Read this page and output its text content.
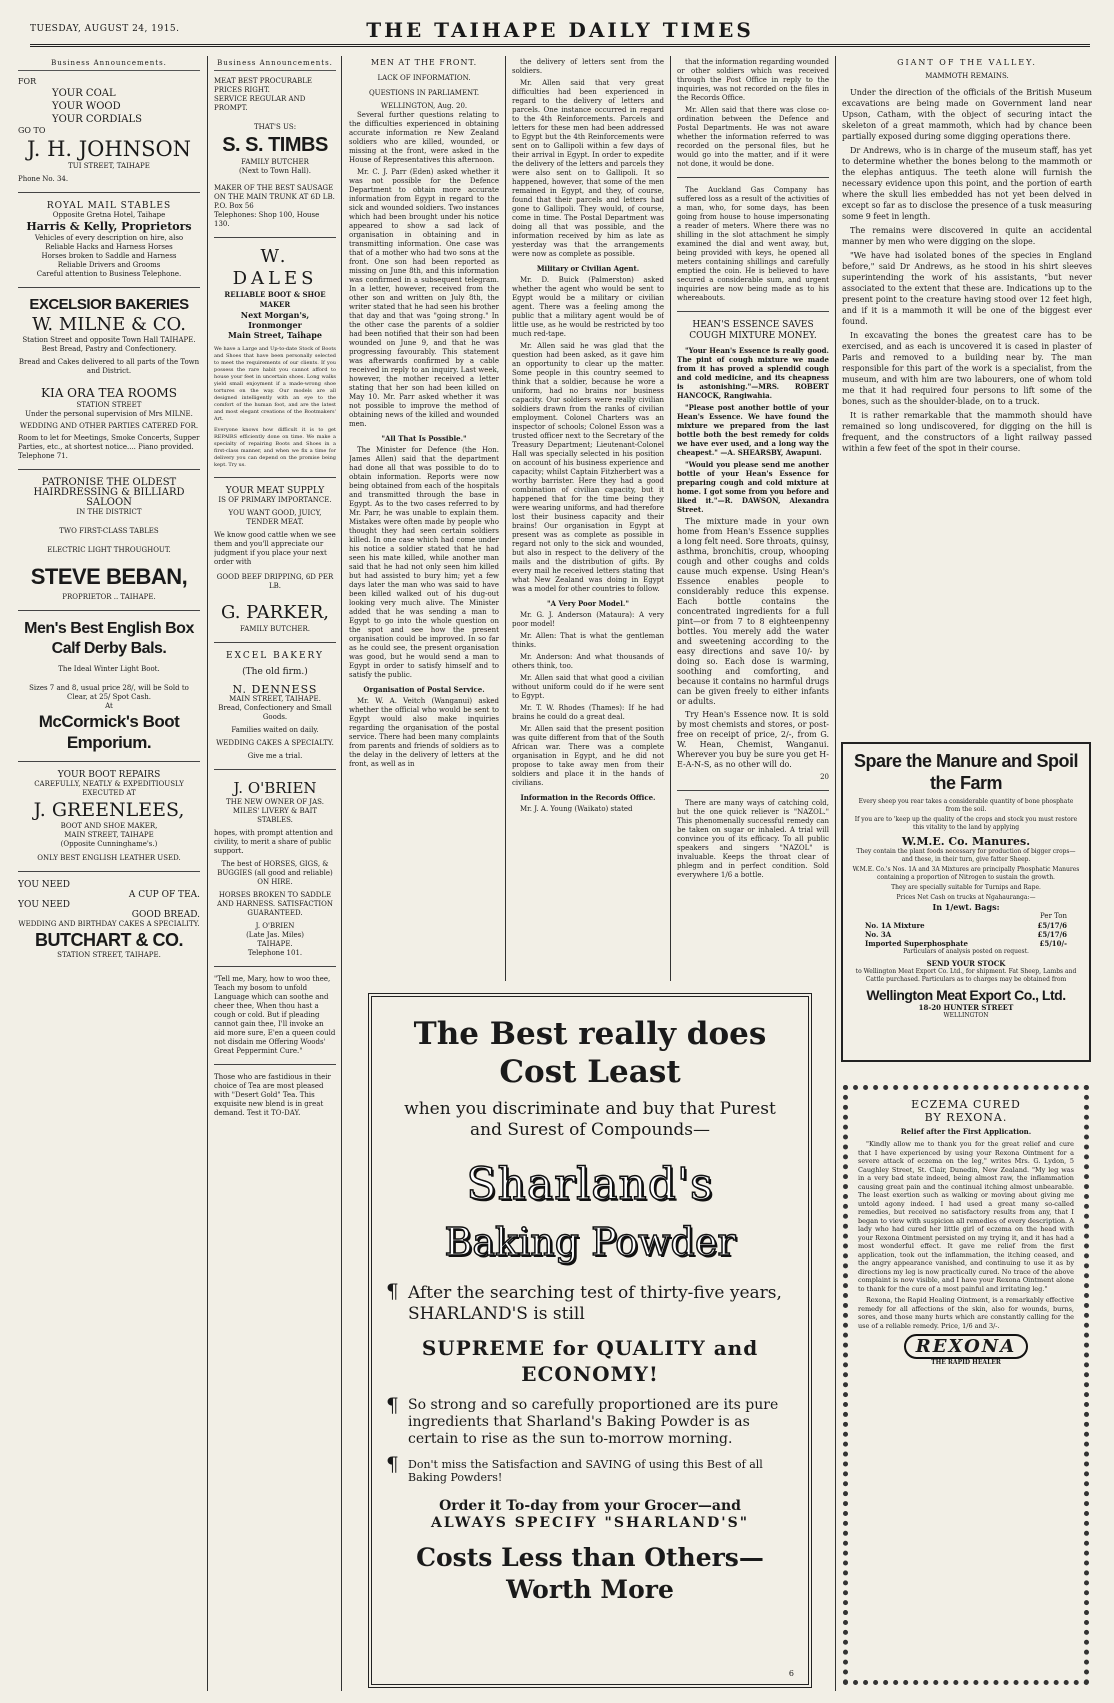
TUESDAY, AUGUST 24, 1915.	THE TAIHAPE DAILY TIMES
Business Announcements.
FOR
YOUR COAL
YOUR WOOD
YOUR CORDIALS
GO TO
J. H. JOHNSON
TUI STREET, TAIHAPE
Phone No. 34.
ROYAL MAIL STABLES
Opposite Gretna Hotel, Taihape
Harris & Kelly, Proprietors
Vehicles of every description on hire, also
Reliable Hacks and Harness Horses
Horses broken to Saddle and Harness
Reliable Drivers and Grooms
Careful attention to Business Telephone.
EXCELSIOR BAKERIES
W. MILNE & CO.
Station Street and opposite Town Hall TAIHAPE.
Best Bread, Pastry and Confectionery.
Bread and Cakes delivered to all parts of the Town and District.
KIA ORA TEA ROOMS
STATION STREET
Under the personal supervision of Mrs MILNE.
WEDDING AND OTHER PARTIES CATERED FOR.
Room to let for Meetings, Smoke Concerts, Supper Parties, etc., at shortest notice.... Piano provided.
Telephone 71.
PATRONISE THE OLDEST
HAIRDRESSING & BILLIARD
SALOON
IN THE DISTRICT
TWO FIRST-CLASS TABLES
ELECTRIC LIGHT THROUGHOUT.
STEVE BEBAN,
PROPRIETOR .. TAIHAPE.
Men's Best English Box Calf Derby Bals.
The Ideal Winter Light Boot.
Sizes 7 and 8, usual price 28/, will be Sold to Clear, at 25/ Spot Cash.
At
McCormick's Boot Emporium.
YOUR BOOT REPAIRS
CAREFULLY, NEATLY & EXPEDITIOUSLY EXECUTED AT
J. GREENLEES,
BOOT AND SHOE MAKER,
MAIN STREET, TAIHAPE
(Opposite Cunninghame's.)
ONLY BEST ENGLISH LEATHER USED.
YOU NEED
A CUP OF TEA.
YOU NEED
GOOD BREAD.
WEDDING AND BIRTHDAY CAKES A SPECIALITY.
BUTCHART & CO.
STATION STREET, TAIHAPE.
Business Announcements.
MEAT BEST PROCURABLE
PRICES RIGHT.
SERVICE REGULAR AND PROMPT.
THAT'S US:
S. S. TIMBS
FAMILY BUTCHER
(Next to Town Hall).
MAKER OF THE BEST SAUSAGE ON THE MAIN TRUNK AT 6D LB.
P.O. Box 56
Telephones: Shop 100, House 130.
W. DALES
RELIABLE BOOT & SHOE MAKER
Next Morgan's, Ironmonger
Main Street, Taihape
We have a Large and Up-to-date Stock of Boots and Shoes that have been personally selected to meet the requirements of our clients. If you possess the rare habit you cannot afford to house your feet in uncertain shoes. Long walks yield small enjoyment if a made-wrong shoe tortures on the way. Our models are all designed intelligently with an eye to the comfort of the human foot, and are the latest and most elegant creations of the Bootmakers' Art.
Everyone knows how difficult it is to get REPAIRS efficiently done on time. We make a specialty of repairing Boots and Shoes in a first-class manner, and when we fix a time for delivery you can depend on the promise being kept. Try us.
YOUR MEAT SUPPLY
IS OF PRIMARY IMPORTANCE.
YOU WANT GOOD, JUICY, TENDER MEAT.
We know good cattle when we see them and you'll appreciate our judgment if you place your next order with
GOOD BEEF DRIPPING, 6D PER LB.
G. PARKER,
FAMILY BUTCHER.
EXCEL BAKERY
(The old firm.)
N. DENNESS
MAIN STREET, TAIHAPE.
Bread, Confectionery and Small Goods.
Families waited on daily.
WEDDING CAKES A SPECIALTY.
Give me a trial.
J. O'BRIEN
THE NEW OWNER OF JAS. MILES' LIVERY & BAIT STABLES.
hopes, with prompt attention and civility, to merit a share of public support.
The best of HORSES, GIGS, & BUGGIES (all good and reliable) ON HIRE.
HORSES BROKEN TO SADDLE AND HARNESS. SATISFACTION GUARANTEED.
J. O'BRIEN
(Late Jas. Miles)
TAIHAPE.
Telephone 101.
"Tell me, Mary, how to woo thee, Teach my bosom to unfold Language which can soothe and cheer thee, When thou hast a cough or cold. But if pleading cannot gain thee, I'll invoke an aid more sure, E'en a queen could not disdain me Offering Woods' Great Peppermint Cure."
Those who are fastidious in their choice of Tea are most pleased with "Desert Gold" Tea. This exquisite new blend is in great demand. Test it TO-DAY.
MEN AT THE FRONT.
LACK OF INFORMATION.
QUESTIONS IN PARLIAMENT.
WELLINGTON, Aug. 20.
Several further questions relating to the difficulties experienced in obtaining accurate information re New Zealand soldiers who are killed, wounded, or missing at the front, were asked in the House of Representatives this afternoon.
Mr. C. J. Parr (Eden) asked whether it was not possible for the Defence Department to obtain more accurate information from Egypt in regard to the sick and wounded soldiers. Two instances which had been brought under his notice appeared to show a sad lack of organisation in obtaining and in transmitting information. One case was that of a mother who had two sons at the front. One son had been reported as missing on June 8th, and this information was confirmed in a subsequent telegram. In a letter, however, received from the other son and written on July 8th, the writer stated that he had seen his brother that day and that was "going strong." In the other case the parents of a soldier had been notified that their son had been wounded on June 9, and that he was progressing favourably. This statement was afterwards confirmed by a cable received in reply to an inquiry. Last week, however, the mother received a letter stating that her son had been killed on May 10. Mr. Parr asked whether it was not possible to improve the method of obtaining news of the killed and wounded men.
"All That Is Possible."
The Minister for Defence (the Hon. James Allen) said that the department had done all that was possible to do to obtain information. Reports were now being obtained from each of the hospitals and transmitted through the base in Egypt. As to the two cases referred to by Mr. Parr, he was unable to explain them. Mistakes were often made by people who thought they had seen certain soldiers killed. In one case which had come under his notice a soldier stated that he had seen his mate killed, while another man said that he had not only seen him killed but had assisted to bury him; yet a few days later the man who was said to have been killed walked out of his dug-out looking very much alive. The Minister added that he was sending a man to Egypt to go into the whole question on the spot and see how the present organisation could be improved. In so far as he could see, the present organisation was good, but he would send a man to Egypt in order to satisfy himself and to satisfy the public.
Organisation of Postal Service.
Mr. W. A. Veitch (Wanganui) asked whether the official who would be sent to Egypt would also make inquiries regarding the organisation of the postal service. There had been many complaints from parents and friends of soldiers as to the delay in the delivery of letters at the front, as well as in
the delivery of letters sent from the soldiers.
Mr. Allen said that very great difficulties had been experienced in regard to the delivery of letters and parcels. One instance occurred in regard to the 4th Reinforcements. Parcels and letters for these men had been addressed to Egypt but the 4th Reinforcements were sent on to Gallipoli within a few days of their arrival in Egypt. In order to expedite the delivery of the letters and parcels they were also sent on to Gallipoli. It so happened, however, that some of the men remained in Egypt, and they, of course, found that their parcels and letters had gone to Gallipoli. They would, of course, come in time. The Postal Department was doing all that was possible, and the information received by him as late as yesterday was that the arrangements were now as complete as possible.
Military or Civilian Agent.
Mr. D. Buick (Palmerston) asked whether the agent who would be sent to Egypt would be a military or civilian agent. There was a feeling among the public that a military agent would be of little use, as he would be restricted by too much red-tape.
Mr. Allen said he was glad that the question had been asked, as it gave him an opportunity to clear up the matter. Some people in this country seemed to think that a soldier, because he wore a uniform, had no brains nor business capacity. Our soldiers were really civilian soldiers drawn from the ranks of civilian employment. Colonel Charters was an inspector of schools; Colonel Esson was a trusted officer next to the Secretary of the Treasury Department; Lieutenant-Colonel Hall was specially selected in his position on account of his business experience and capacity; whilst Captain Fitzherbert was a worthy barrister. Here they had a good combination of civilian capacity, but it happened that for the time being they were wearing uniforms, and had therefore lost their business capacity and their brains! Our organisation in Egypt at present was as complete as possible in regard not only to the sick and wounded, but also in respect to the delivery of the mails and the distribution of gifts. By every mail he received letters stating that what New Zealand was doing in Egypt was a model for other countries to follow.
"A Very Poor Model."
Mr. G. J. Anderson (Mataura): A very poor model!
Mr. Allen: That is what the gentleman thinks.
Mr. Anderson: And what thousands of others think, too.
Mr. Allen said that what good a civilian without uniform could do if he were sent to Egypt.
Mr. T. W. Rhodes (Thames): If he had brains he could do a great deal.
Mr. Allen said that the present position was quite different from that of the South African war. There was a complete organisation in Egypt, and he did not propose to take away men from their soldiers and place it in the hands of civilians.
Information in the Records Office.
Mr. J. A. Young (Waikato) stated
that the information regarding wounded or other soldiers which was received through the Post Office in reply to the inquiries, was not recorded on the files in the Records Office.
Mr. Allen said that there was close co-ordination between the Defence and Postal Departments. He was not aware whether the information referred to was recorded on the personal files, but he would go into the matter, and if it were not done, it would be done.
The Auckland Gas Company has suffered loss as a result of the activities of a man, who, for some days, has been going from house to house impersonating a reader of meters. Where there was no shilling in the slot attachment he simply examined the dial and went away, but, being provided with keys, he opened all meters containing shillings and carefully emptied the coin. He is believed to have secured a considerable sum, and urgent inquiries are now being made as to his whereabouts.
HEAN'S ESSENCE SAVES COUGH MIXTURE MONEY.
"Your Hean's Essence is really good. The pint of cough mixture we made from it has proved a splendid cough and cold medicine, and its cheapness is astonishing."—MRS. ROBERT HANCOCK, Rangiwahia.
"Please post another bottle of your Hean's Essence. We have found the mixture we prepared from the last bottle both the best remedy for colds we have ever used, and a long way the cheapest." —A. SHEARSBY, Awapuni.
"Would you please send me another bottle of your Hean's Essence for preparing cough and cold mixture at home. I got some from you before and liked it."—R. DAWSON, Alexandra Street.
The mixture made in your own home from Hean's Essence supplies a long felt need. Sore throats, quinsy, asthma, bronchitis, croup, whooping cough and other coughs and colds cause much expense. Using Hean's Essence enables people to considerably reduce this expense. Each bottle contains the concentrated ingredients for a full pint—or from 7 to 8 eighteenpenny bottles. You merely add the water and sweetening according to the easy directions and save 10/- by doing so. Each dose is warming, soothing and comforting, and because it contains no harmful drugs can be given freely to either infants or adults.
Try Hean's Essence now. It is sold by most chemists and stores, or post-free on receipt of price, 2/-, from G. W. Hean, Chemist, Wanganui. Wherever you buy be sure you get H-E-A-N-S, as no other will do.
20
There are many ways of catching cold, but the one quick reliever is "NAZOL." This phenomenally successful remedy can be taken on sugar or inhaled. A trial will convince you of its efficacy. To all public speakers and singers "NAZOL" is invaluable. Keeps the throat clear of phlegm and in perfect condition. Sold everywhere 1/6 a bottle.
GIANT OF THE VALLEY.
MAMMOTH REMAINS.
Under the direction of the officials of the British Museum excavations are being made on Government land near Upson, Catham, with the object of securing intact the skeleton of a great mammoth, which had by chance been partially exposed during some digging operations there.
Dr Andrews, who is in charge of the museum staff, has yet to determine whether the bones belong to the mammoth or the elephas antiquus. The teeth alone will furnish the necessary evidence upon this point, and the portion of earth where the skull lies embedded has not yet been delved in except so far as to disclose the presence of a tusk measuring some 9 feet in length.
The remains were discovered in quite an accidental manner by men who were digging on the slope.
"We have had isolated bones of the species in England before," said Dr Andrews, as he stood in his shirt sleeves superintending the work of his assistants, "but never associated to the extent that these are. Indications up to the present point to the creature having stood over 12 feet high, and if it is a mammoth it will be one of the biggest ever found.
In excavating the bones the greatest care has to be exercised, and as each is uncovered it is cased in plaster of Paris and removed to a building near by. The man responsible for this part of the work is a specialist, from the museum, and with him are two labourers, one of whom told me that it had required four persons to lift some of the bones, such as the shoulder-blade, on to a truck.
It is rather remarkable that the mammoth should have remained so long undiscovered, for digging on the hill is frequent, and the constructors of a light railway passed within a few feet of the spot in their course.
Spare the Manure and Spoil the Farm
Every sheep you rear takes a considerable quantity of bone phosphate from the soil.
If you are to 'keep up the quality of the crops and stock you must restore this vitality to the land by applying
W.M.E. Co. Manures.
They contain the plant foods necessary for production of bigger crops—and these, in their turn, give fatter Sheep.
W.M.E. Co.'s Nos. 1A and 3A Mixtures are principally Phosphatic Manures containing a proportion of Nitrogen to sustain the growth.
They are specially suitable for Turnips and Rape.
Prices Net Cash on trucks at Ngahauranga:—
In 1/ewt. Bags:
Per Ton
No. 1A Mixture	£5/17/6
No. 3A	£5/17/6
Imported Superphosphate	£5/10/-
Particulars of analysis posted on request.
SEND YOUR STOCK
to Wellington Meat Export Co. Ltd., for shipment. Fat Sheep, Lambs and Cattle purchased. Particulars as to charges may be obtained from
Wellington Meat Export Co., Ltd.
18-20 HUNTER STREET
WELLINGTON
ECZEMA CURED
BY REXONA.
Relief after the First Application.
"Kindly allow me to thank you for the great relief and cure that I have experienced by using your Rexona Ointment for a severe attack of eczema on the leg," writes Mrs. G. Lydon, 5 Caughley Street, St. Clair, Dunedin, New Zealand. "My leg was in a very bad state indeed, being almost raw, the inflammation causing great pain and the continual itching almost unbearable. The least exertion such as walking or moving about giving me untold agony indeed. I had used a great many so-called remedies, but received no satisfactory results from any, that I began to view with suspicion all remedies of every description. A lady who had cured her little girl of eczema on the head with your Rexona Ointment persisted on my trying it, and it has had a most wonderful effect. It gave me relief from the first application, took out the inflammation, the itching ceased, and the angry appearance vanished, and continuing to use it as by directions my leg is now practically cured. No trace of the above complaint is now visible, and I have your Rexona Ointment alone to thank for the cure of a most painful and irritating leg."
Rexona, the Rapid Healing Ointment, is a remarkably effective remedy for all affections of the skin, also for wounds, burns, sores, and those many hurts which are constantly calling for the use of a reliable remedy. Price, 1/6 and 3/-.
REXONA
THE RAPID HEALER
The Best really does Cost Least
when you discriminate and buy that Purest and Surest of Compounds—
Sharland's
Baking Powder
¶ After the searching test of thirty-five years, SHARLAND'S is still
SUPREME for QUALITY and ECONOMY!
¶ So strong and so carefully proportioned are its pure ingredients that Sharland's Baking Powder is as certain to rise as the sun to-morrow morning.
¶ Don't miss the Satisfaction and SAVING of using this Best of all Baking Powders!
Order it To-day from your Grocer—and
ALWAYS SPECIFY "SHARLAND'S"
Costs Less than Others—Worth More
6
